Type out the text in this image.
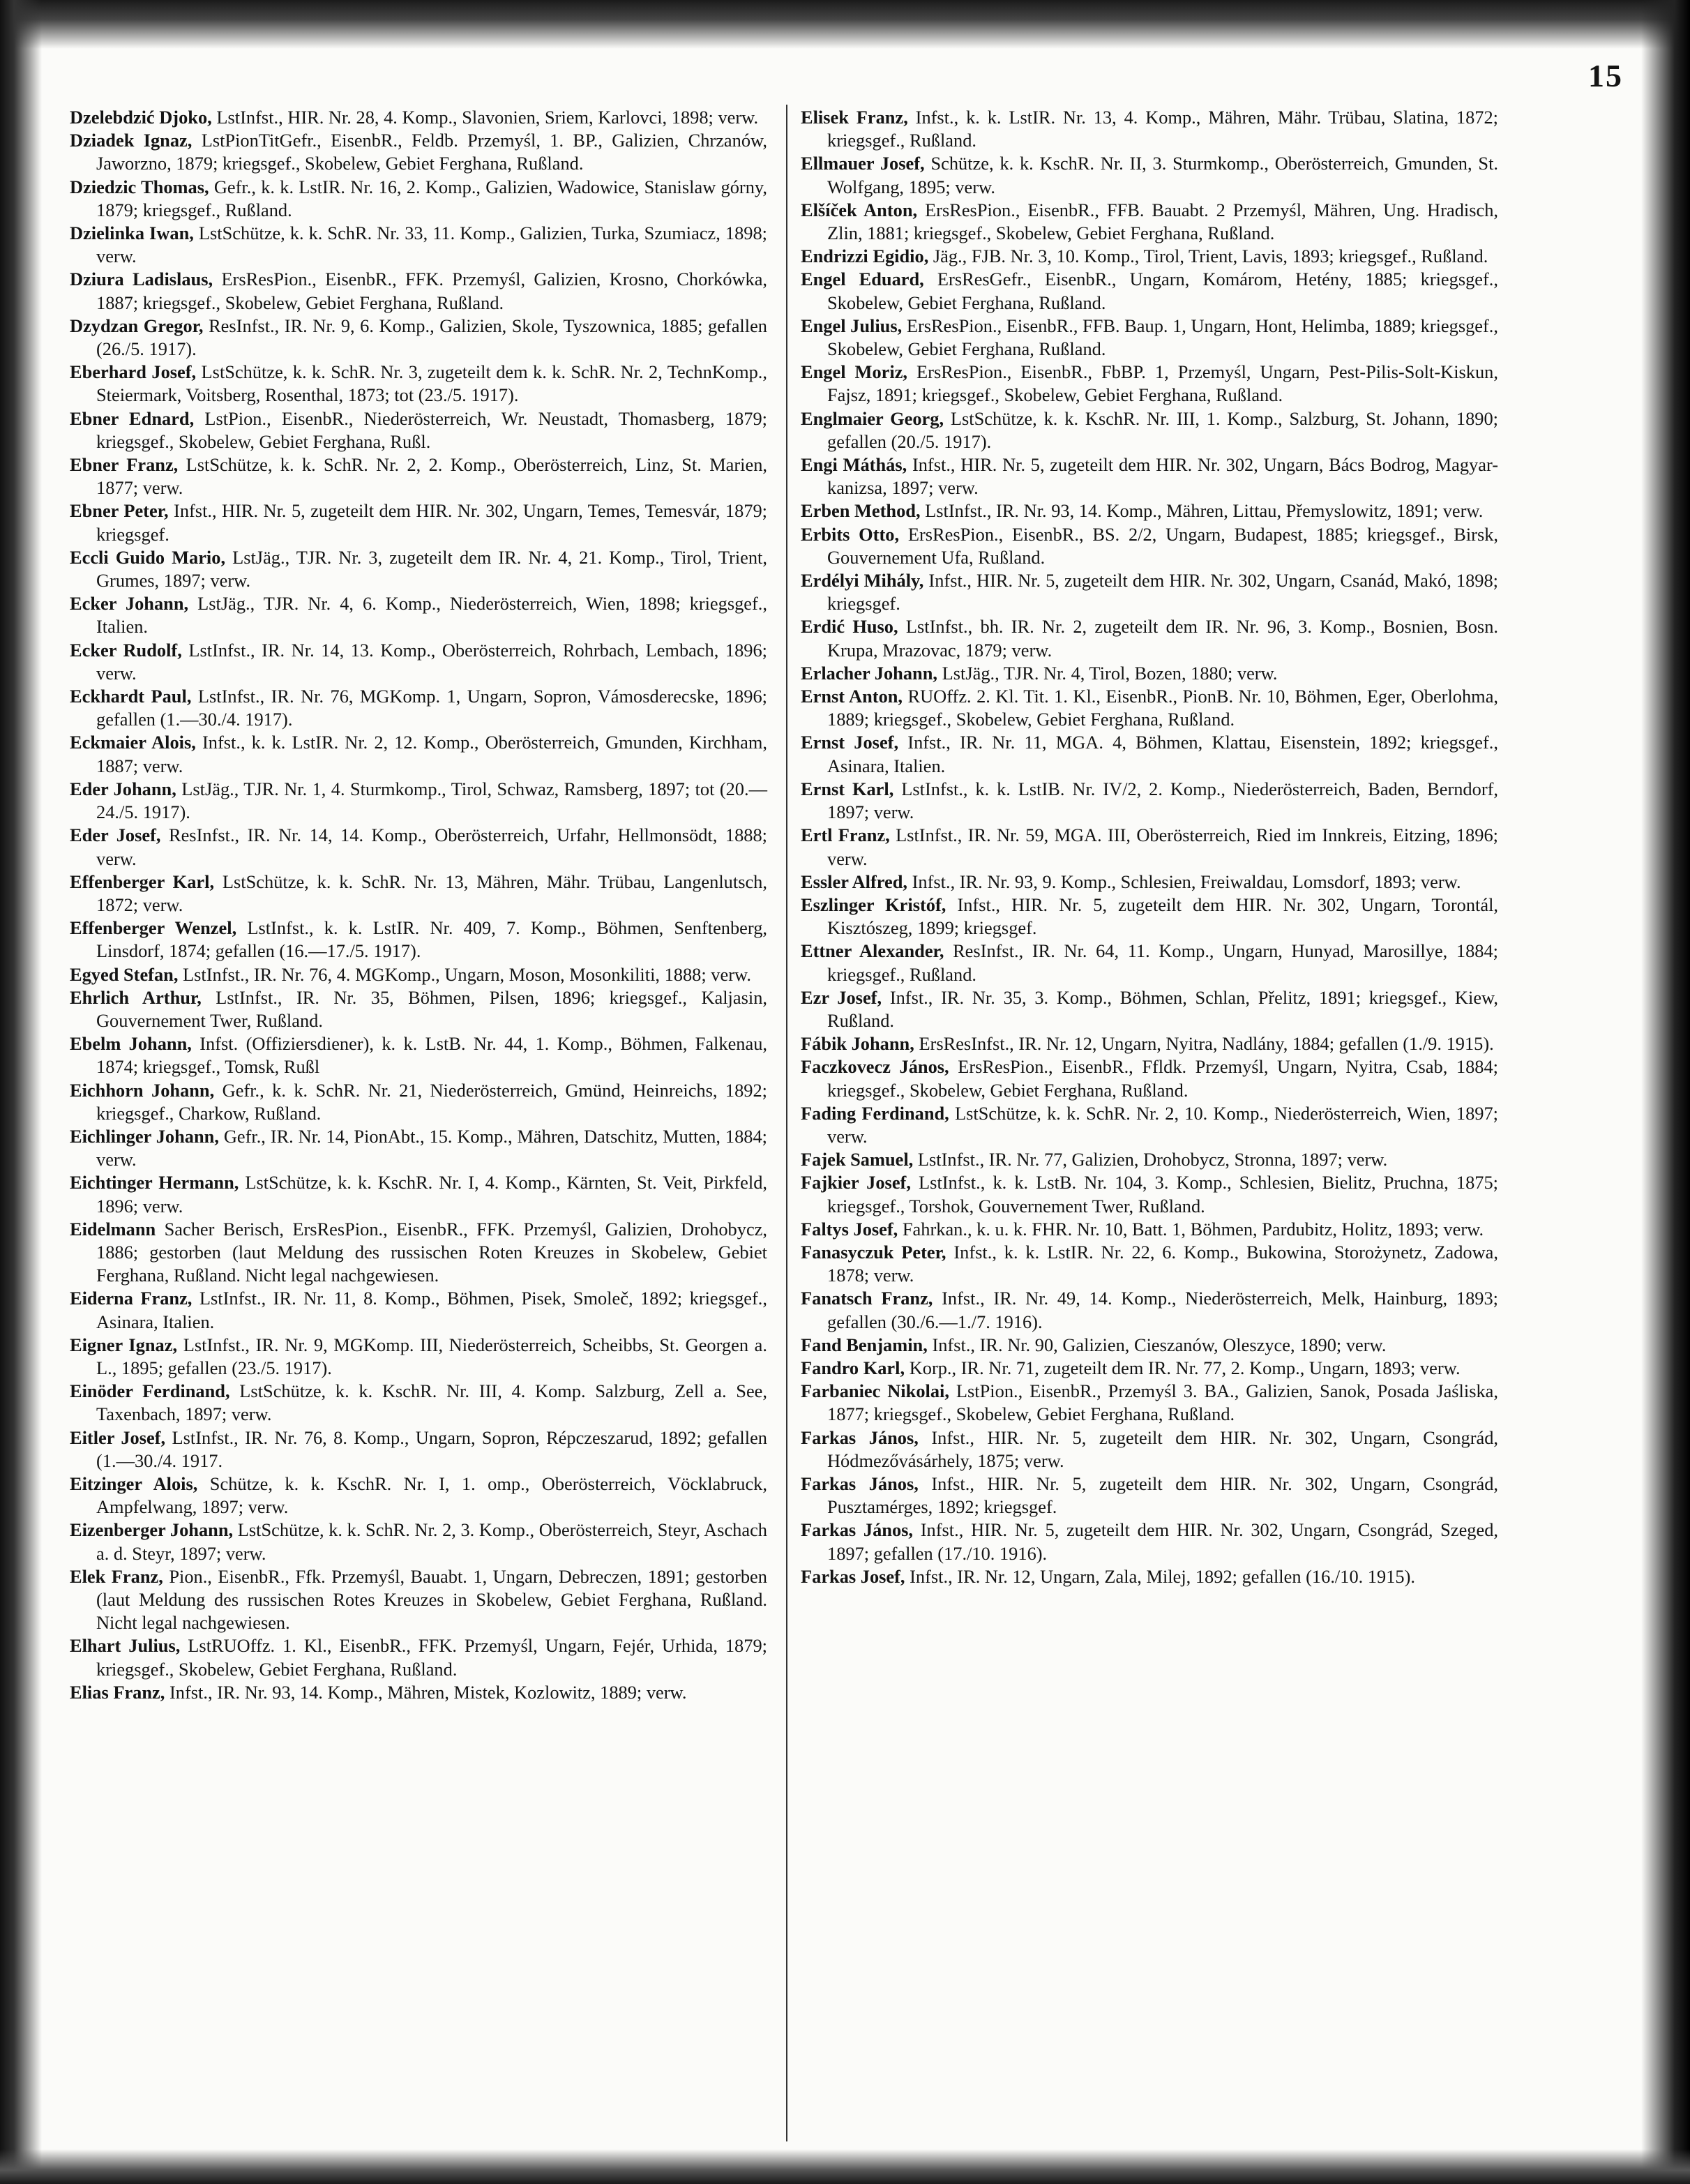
15

Dzelebdzić Djoko, LstInfst., HIR. Nr. 28, 4. Komp., Slavonien, Sriem, Karlovci, 1898; verw.

Dziadek Ignaz, LstPionTitGefr., EisenbR., Feldb. Przemyśl, 1. BP., Galizien, Chrzanów, Jaworzno, 1879; kriegsgef., Skobelew, Gebiet Ferghana, Rußland.

Dziedzic Thomas, Gefr., k. k. LstIR. Nr. 16, 2. Komp., Galizien, Wadowice, Stanislaw górny, 1879; kriegsgef., Rußland.

Dzielinka Iwan, LstSchütze, k. k. SchR. Nr. 33, 11. Komp., Galizien, Turka, Szumiacz, 1898; verw.

Dziura Ladislaus, ErsResPion., EisenbR., FFK. Przemyśl, Galizien, Krosno, Chorkówka, 1887; kriegsgef., Skobelew, Gebiet Ferghana, Rußland.

Dzydzan Gregor, ResInfst., IR. Nr. 9, 6. Komp., Galizien, Skole, Tyszownica, 1885; gefallen (26./5. 1917).

Eberhard Josef, LstSchütze, k. k. SchR. Nr. 3, zugeteilt dem k. k. SchR. Nr. 2, TechnKomp., Steiermark, Voitsberg, Rosenthal, 1873; tot (23./5. 1917).

Ebner Ednard, LstPion., EisenbR., Niederösterreich, Wr. Neustadt, Thomasberg, 1879; kriegsgef., Skobelew, Gebiet Ferghana, Rußl.

Ebner Franz, LstSchütze, k. k. SchR. Nr. 2, 2. Komp., Oberösterreich, Linz, St. Marien, 1877; verw.

Ebner Peter, Infst., HIR. Nr. 5, zugeteilt dem HIR. Nr. 302, Ungarn, Temes, Temesvár, 1879; kriegsgef.

Eccli Guido Mario, LstJäg., TJR. Nr. 3, zugeteilt dem IR. Nr. 4, 21. Komp., Tirol, Trient, Grumes, 1897; verw.

Ecker Johann, LstJäg., TJR. Nr. 4, 6. Komp., Niederösterreich, Wien, 1898; kriegsgef., Italien.

Ecker Rudolf, LstInfst., IR. Nr. 14, 13. Komp., Oberösterreich, Rohrbach, Lembach, 1896; verw.

Eckhardt Paul, LstInfst., IR. Nr. 76, MGKomp. 1, Ungarn, Sopron, Vámosderecske, 1896; gefallen (1.—30./4. 1917).

Eckmaier Alois, Infst., k. k. LstIR. Nr. 2, 12. Komp., Oberösterreich, Gmunden, Kirchham, 1887; verw.

Eder Johann, LstJäg., TJR. Nr. 1, 4. Sturmkomp., Tirol, Schwaz, Ramsberg, 1897; tot (20.—24./5. 1917).

Eder Josef, ResInfst., IR. Nr. 14, 14. Komp., Oberösterreich, Urfahr, Hellmonsödt, 1888; verw.

Effenberger Karl, LstSchütze, k. k. SchR. Nr. 13, Mähren, Mähr. Trübau, Langenlutsch, 1872; verw.

Effenberger Wenzel, LstInfst., k. k. LstIR. Nr. 409, 7. Komp., Böhmen, Senftenberg, Linsdorf, 1874; gefallen (16.—17./5. 1917).

Egyed Stefan, LstInfst., IR. Nr. 76, 4. MGKomp., Ungarn, Moson, Mosonkiliti, 1888; verw.

Ehrlich Arthur, LstInfst., IR. Nr. 35, Böhmen, Pilsen, 1896; kriegsgef., Kaljasin, Gouvernement Twer, Rußland.

Ebelm Johann, Infst. (Offiziersdiener), k. k. LstB. Nr. 44, 1. Komp., Böhmen, Falkenau, 1874; kriegsgef., Tomsk, Rußl

Eichhorn Johann, Gefr., k. k. SchR. Nr. 21, Niederösterreich, Gmünd, Heinreichs, 1892; kriegsgef., Charkow, Rußland.

Eichlinger Johann, Gefr., IR. Nr. 14, PionAbt., 15. Komp., Mähren, Datschitz, Mutten, 1884; verw.

Eichtinger Hermann, LstSchütze, k. k. KschR. Nr. I, 4. Komp., Kärnten, St. Veit, Pirkfeld, 1896; verw.

Eidelmann Sacher Berisch, ErsResPion., EisenbR., FFK. Przemyśl, Galizien, Drohobycz, 1886; gestorben (laut Meldung des russischen Roten Kreuzes in Skobelew, Gebiet Ferghana, Rußland. Nicht legal nachgewiesen.

Eiderna Franz, LstInfst., IR. Nr. 11, 8. Komp., Böhmen, Pisek, Smoleč, 1892; kriegsgef., Asinara, Italien.

Eigner Ignaz, LstInfst., IR. Nr. 9, MGKomp. III, Niederösterreich, Scheibbs, St. Georgen a. L., 1895; gefallen (23./5. 1917).

Einöder Ferdinand, LstSchütze, k. k. KschR. Nr. III, 4. Komp. Salzburg, Zell a. See, Taxenbach, 1897; verw.

Eitler Josef, LstInfst., IR. Nr. 76, 8. Komp., Ungarn, Sopron, Répczeszarud, 1892; gefallen (1.—30./4. 1917.

Eitzinger Alois, Schütze, k. k. KschR. Nr. I, 1. omp., Oberösterreich, Vöcklabruck, Ampfelwang, 1897; verw.

Eizenberger Johann, LstSchütze, k. k. SchR. Nr. 2, 3. Komp., Oberösterreich, Steyr, Aschach a. d. Steyr, 1897; verw.

Elek Franz, Pion., EisenbR., Ffk. Przemyśl, Bauabt. 1, Ungarn, Debreczen, 1891; gestorben (laut Meldung des russischen Rotes Kreuzes in Skobelew, Gebiet Ferghana, Rußland. Nicht legal nachgewiesen.

Elhart Julius, LstRUOffz. 1. Kl., EisenbR., FFK. Przemyśl, Ungarn, Fejér, Urhida, 1879; kriegsgef., Skobelew, Gebiet Ferghana, Rußland.

Elias Franz, Infst., IR. Nr. 93, 14. Komp., Mähren, Mistek, Kozlowitz, 1889; verw.

Elisek Franz, Infst., k. k. LstIR. Nr. 13, 4. Komp., Mähren, Mähr. Trübau, Slatina, 1872; kriegsgef., Rußland.

Ellmauer Josef, Schütze, k. k. KschR. Nr. II, 3. Sturmkomp., Oberösterreich, Gmunden, St. Wolfgang, 1895; verw.

Elšíček Anton, ErsResPion., EisenbR., FFB. Bauabt. 2 Przemyśl, Mähren, Ung. Hradisch, Zlin, 1881; kriegsgef., Skobelew, Gebiet Ferghana, Rußland.

Endrizzi Egidio, Jäg., FJB. Nr. 3, 10. Komp., Tirol, Trient, Lavis, 1893; kriegsgef., Rußland.

Engel Eduard, ErsResGefr., EisenbR., Ungarn, Komárom, Hetény, 1885; kriegsgef., Skobelew, Gebiet Ferghana, Rußland.

Engel Julius, ErsResPion., EisenbR., FFB. Baup. 1, Ungarn, Hont, Helimba, 1889; kriegsgef., Skobelew, Gebiet Ferghana, Rußland.

Engel Moriz, ErsResPion., EisenbR., FbBP. 1, Przemyśl, Ungarn, Pest-Pilis-Solt-Kiskun, Fajsz, 1891; kriegsgef., Skobelew, Gebiet Ferghana, Rußland.

Englmaier Georg, LstSchütze, k. k. KschR. Nr. III, 1. Komp., Salzburg, St. Johann, 1890; gefallen (20./5. 1917).

Engi Máthás, Infst., HIR. Nr. 5, zugeteilt dem HIR. Nr. 302, Ungarn, Bács Bodrog, Magyar-kanizsa, 1897; verw.

Erben Method, LstInfst., IR. Nr. 93, 14. Komp., Mähren, Littau, Přemyslowitz, 1891; verw.

Erbits Otto, ErsResPion., EisenbR., BS. 2/2, Ungarn, Budapest, 1885; kriegsgef., Birsk, Gouvernement Ufa, Rußland.

Erdélyi Mihály, Infst., HIR. Nr. 5, zugeteilt dem HIR. Nr. 302, Ungarn, Csanád, Makó, 1898; kriegsgef.

Erdić Huso, LstInfst., bh. IR. Nr. 2, zugeteilt dem IR. Nr. 96, 3. Komp., Bosnien, Bosn. Krupa, Mrazovac, 1879; verw.

Erlacher Johann, LstJäg., TJR. Nr. 4, Tirol, Bozen, 1880; verw.

Ernst Anton, RUOffz. 2. Kl. Tit. 1. Kl., EisenbR., PionB. Nr. 10, Böhmen, Eger, Oberlohma, 1889; kriegsgef., Skobelew, Gebiet Ferghana, Rußland.

Ernst Josef, Infst., IR. Nr. 11, MGA. 4, Böhmen, Klattau, Eisenstein, 1892; kriegsgef., Asinara, Italien.

Ernst Karl, LstInfst., k. k. LstIB. Nr. IV/2, 2. Komp., Niederösterreich, Baden, Berndorf, 1897; verw.

Ertl Franz, LstInfst., IR. Nr. 59, MGA. III, Oberösterreich, Ried im Innkreis, Eitzing, 1896; verw.

Essler Alfred, Infst., IR. Nr. 93, 9. Komp., Schlesien, Freiwaldau, Lomsdorf, 1893; verw.

Eszlinger Kristóf, Infst., HIR. Nr. 5, zugeteilt dem HIR. Nr. 302, Ungarn, Torontál, Kisztószeg, 1899; kriegsgef.

Ettner Alexander, ResInfst., IR. Nr. 64, 11. Komp., Ungarn, Hunyad, Marosillye, 1884; kriegsgef., Rußland.

Ezr Josef, Infst., IR. Nr. 35, 3. Komp., Böhmen, Schlan, Přelitz, 1891; kriegsgef., Kiew, Rußland.

Fábik Johann, ErsResInfst., IR. Nr. 12, Ungarn, Nyitra, Nadlány, 1884; gefallen (1./9. 1915).

Faczkovecz János, ErsResPion., EisenbR., Ffldk. Przemyśl, Ungarn, Nyitra, Csab, 1884; kriegsgef., Skobelew, Gebiet Ferghana, Rußland.

Fading Ferdinand, LstSchütze, k. k. SchR. Nr. 2, 10. Komp., Niederösterreich, Wien, 1897; verw.

Fajek Samuel, LstInfst., IR. Nr. 77, Galizien, Drohobycz, Stronna, 1897; verw.

Fajkier Josef, LstInfst., k. k. LstB. Nr. 104, 3. Komp., Schlesien, Bielitz, Pruchna, 1875; kriegsgef., Torshok, Gouvernement Twer, Rußland.

Faltys Josef, Fahrkan., k. u. k. FHR. Nr. 10, Batt. 1, Böhmen, Pardubitz, Holitz, 1893; verw.

Fanasyczuk Peter, Infst., k. k. LstIR. Nr. 22, 6. Komp., Bukowina, Storożynetz, Zadowa, 1878; verw.

Fanatsch Franz, Infst., IR. Nr. 49, 14. Komp., Niederösterreich, Melk, Hainburg, 1893; gefallen (30./6.—1./7. 1916).

Fand Benjamin, Infst., IR. Nr. 90, Galizien, Cieszanów, Oleszyce, 1890; verw.

Fandro Karl, Korp., IR. Nr. 71, zugeteilt dem IR. Nr. 77, 2. Komp., Ungarn, 1893; verw.

Farbaniec Nikolai, LstPion., EisenbR., Przemyśl 3. BA., Galizien, Sanok, Posada Jaśliska, 1877; kriegsgef., Skobelew, Gebiet Ferghana, Rußland.

Farkas János, Infst., HIR. Nr. 5, zugeteilt dem HIR. Nr. 302, Ungarn, Csongrád, Hódmezővásárhely, 1875; verw.

Farkas János, Infst., HIR. Nr. 5, zugeteilt dem HIR. Nr. 302, Ungarn, Csongrád, Pusztamérges, 1892; kriegsgef.

Farkas János, Infst., HIR. Nr. 5, zugeteilt dem HIR. Nr. 302, Ungarn, Csongrád, Szeged, 1897; gefallen (17./10. 1916).

Farkas Josef, Infst., IR. Nr. 12, Ungarn, Zala, Milej, 1892; gefallen (16./10. 1915).
